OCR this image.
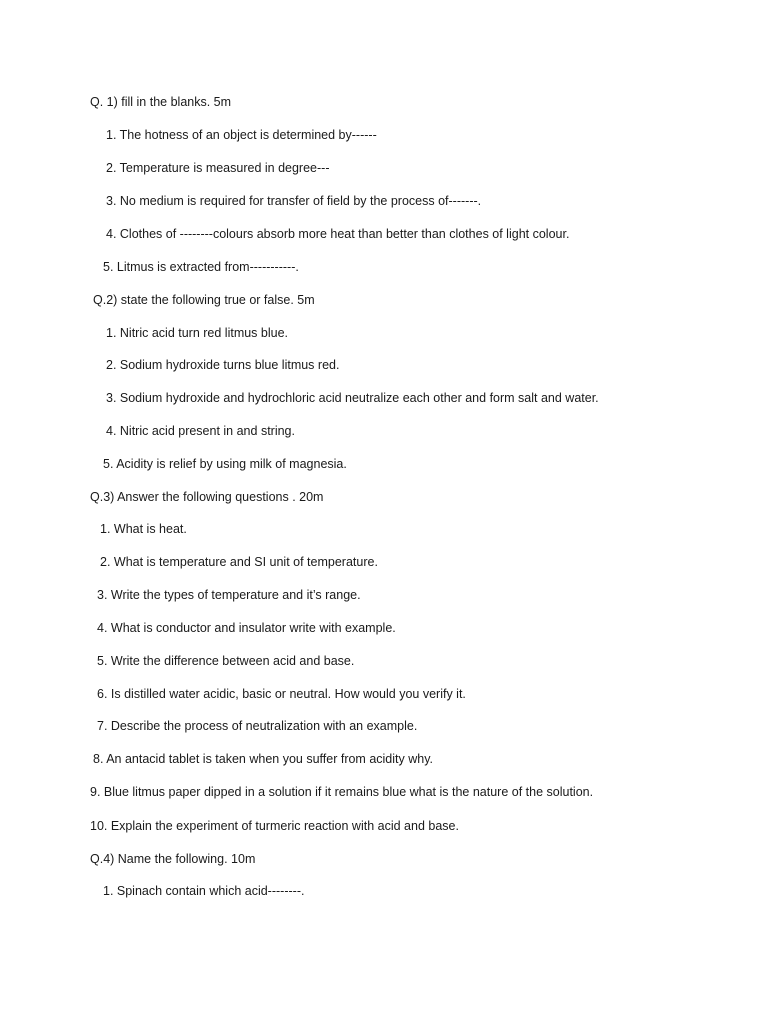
Q. 1) fill in the blanks. 5m
1. The hotness of an object is determined by------
2. Temperature is measured in degree---
3. No medium is required for transfer of field by the process of-------.
4. Clothes of --------colours absorb more heat than better than clothes of light colour.
5. Litmus is extracted from-----------.
Q.2) state the following true or false. 5m
1. Nitric acid turn red litmus blue.
2. Sodium hydroxide turns blue litmus red.
3. Sodium hydroxide and hydrochloric acid neutralize each other and form salt and water.
4. Nitric acid present in and string.
5. Acidity is relief by using milk of magnesia.
Q.3) Answer the following questions . 20m
1. What is heat.
2. What is temperature and SI unit of temperature.
3. Write the types of temperature and it’s range.
4. What is conductor and insulator write with example.
5. Write the difference between acid and base.
6. Is distilled water acidic, basic or neutral. How would you verify it.
7. Describe the process of neutralization with an example.
8. An antacid tablet is taken when you suffer from acidity why.
9. Blue litmus paper dipped in a solution if it remains blue what is the nature of the solution.
10. Explain the experiment of turmeric reaction with acid and base.
Q.4) Name the following. 10m
1. Spinach contain which acid--------.
